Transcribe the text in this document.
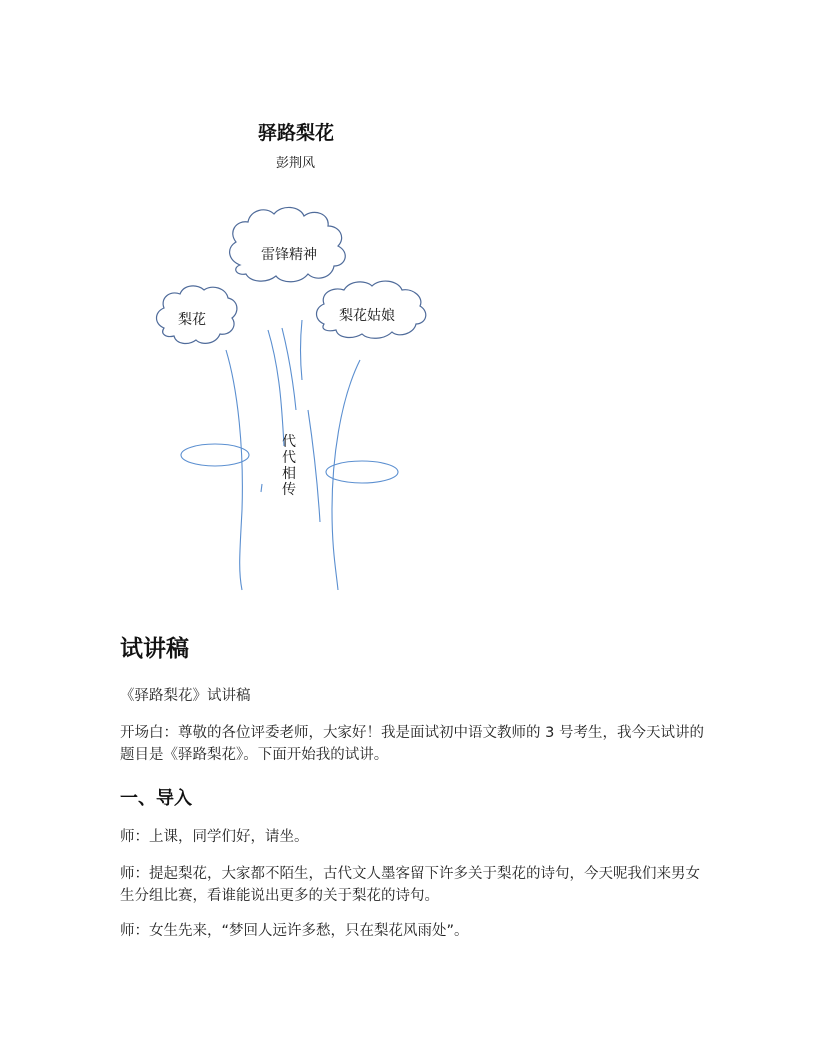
驿路梨花
彭荆风
雷锋精神
梨花	梨花姑娘
代代相传
试讲稿

《驿路梨花》试讲稿

开场白：尊敬的各位评委老师，大家好！我是面试初中语文教师的 3 号考生，我今天试讲的题目是《驿路梨花》。下面开始我的试讲。

一、导入

师：上课，同学们好，请坐。

师：提起梨花，大家都不陌生，古代文人墨客留下许多关于梨花的诗句，今天呢我们来男女生分组比赛，看谁能说出更多的关于梨花的诗句。

师：女生先来，“梦回人远许多愁，只在梨花风雨处”。
